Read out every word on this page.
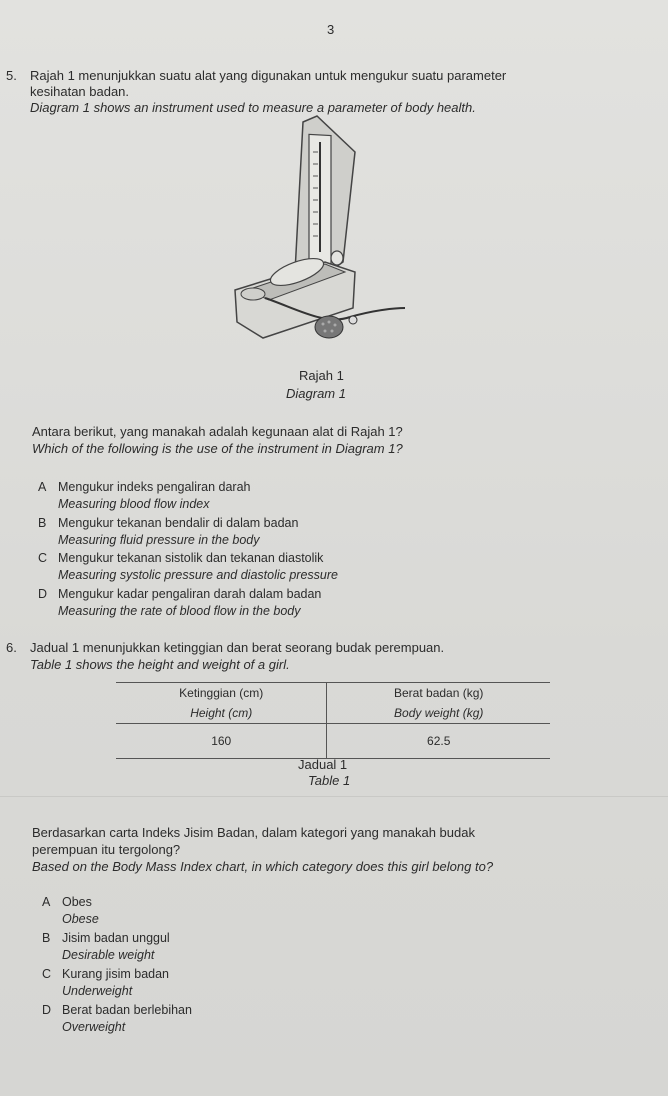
3
5. Rajah 1 menunjukkan suatu alat yang digunakan untuk mengukur suatu parameter
kesihatan badan.
Diagram 1 shows an instrument used to measure a parameter of body health.
Rajah 1
Diagram 1
Antara berikut, yang manakah adalah kegunaan alat di Rajah 1?
Which of the following is the use of the instrument in Diagram 1?
A Mengukur indeks pengaliran darah
Measuring blood flow index
B Mengukur tekanan bendalir di dalam badan
Measuring fluid pressure in the body
C Mengukur tekanan sistolik dan tekanan diastolik
Measuring systolic pressure and diastolic pressure
D Mengukur kadar pengaliran darah dalam badan
Measuring the rate of blood flow in the body
6. Jadual 1 menunjukkan ketinggian dan berat seorang budak perempuan.
Table 1 shows the height and weight of a girl.
Ketinggian (cm)	Berat badan (kg)
Height (cm)	Body weight (kg)
160	62.5
Jadual 1
Table 1
Berdasarkan carta Indeks Jisim Badan, dalam kategori yang manakah budak
perempuan itu tergolong?
Based on the Body Mass Index chart, in which category does this girl belong to?
A Obes
Obese
B Jisim badan unggul
Desirable weight
C Kurang jisim badan
Underweight
D Berat badan berlebihan
Overweight
